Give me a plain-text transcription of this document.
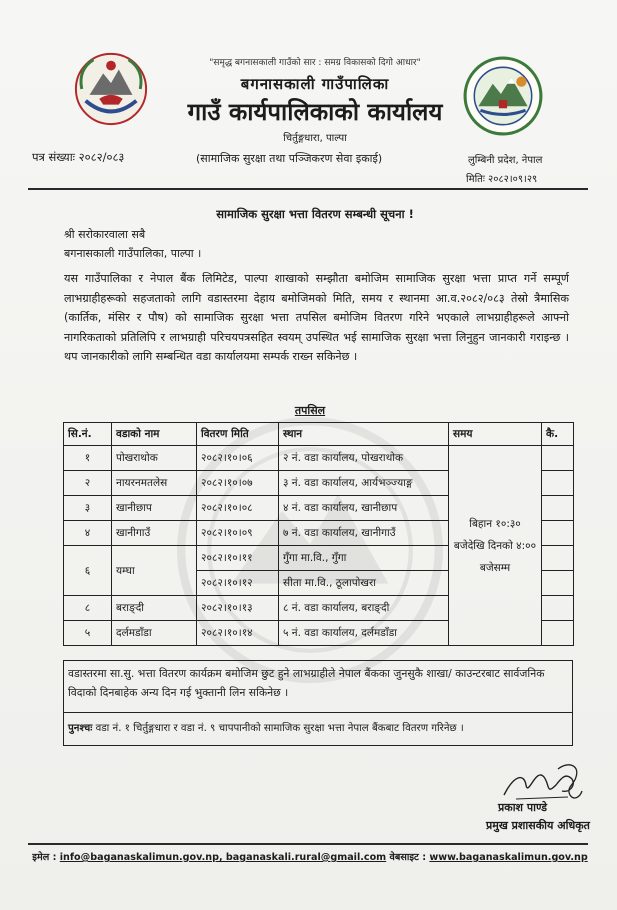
"समृद्ध बगनासकाली गाउँको सार : समग्र विकासको दिगो आधार"
बगनासकाली गाउँपालिका
गाउँ कार्यपालिकाको कार्यालय
चिर्तुङ्गधारा, पाल्पा
पत्र संख्याः २०८२/०८३	(सामाजिक सुरक्षा तथा पञ्जिकरण सेवा इकाई)	लुम्बिनी प्रदेश, नेपाल
मितिः २०८२।०९।२९
सामाजिक सुरक्षा भत्ता वितरण सम्बन्धी सूचना !
श्री सरोकारवाला सबै
बगनासकाली गाउँपालिका, पाल्पा ।

यस गाउँपालिका र नेपाल बैंक लिमिटेड, पाल्पा शाखाको सम्झौता बमोजिम सामाजिक सुरक्षा भत्ता प्राप्त गर्ने सम्पूर्ण लाभग्राहीहरूको सहजताको लागि वडास्तरमा देहाय बमोजिमको मिति, समय र स्थानमा आ.व.२०८२/०८३ तेस्रो त्रैमासिक (कार्तिक, मंसिर र पौष) को सामाजिक सुरक्षा भत्ता तपसिल बमोजिम वितरण गरिने भएकाले लाभग्राहीहरूले आफ्नो नागरिकताको प्रतिलिपि र लाभग्राही परिचयपत्रसहित स्वयम् उपस्थित भई सामाजिक सुरक्षा भत्ता लिनुहुन जानकारी गराइन्छ । थप जानकारीको लागि सम्बन्धित वडा कार्यालयमा सम्पर्क राख्न सकिनेछ ।

तपसिल
सि.नं.	वडाको नाम	वितरण मिति	स्थान	समय	कै.
१	पोखराथोक	२०८२।१०।०६	२ नं. वडा कार्यालय, पोखराथोक	बिहान १०:३० बजेदेखि दिनको ४:०० बजेसम्म	
२	नायरनमतलेस	२०८२।१०।०७	३ नं. वडा कार्यालय, आर्यभञ्ज्याङ्ग		
३	खानीछाप	२०८२।१०।०८	४ नं. वडा कार्यालय, खानीछाप		
४	खानीगाउँ	२०८२।१०।०९	७ नं. वडा कार्यालय, खानीगाउँ		
६	यम्घा	२०८२।१०।११	गुँगा मा.वि., गुँगा		
		२०८२।१०।१२	सीता मा.वि., ठूलापोखरा		
८	बराङ्दी	२०८२।१०।१३	८ नं. वडा कार्यालय, बराङ्दी		
५	दर्लमडाँडा	२०८२।१०।१४	५ नं. वडा कार्यालय, दर्लमडाँडा		

वडास्तरमा सा.सु. भत्ता वितरण कार्यक्रम बमोजिम छुट हुने लाभग्राहीले नेपाल बैंकका जुनसुकै शाखा/ काउन्टरबाट सार्वजनिक विदाको दिनबाहेक अन्य दिन गई भुक्तानी लिन सकिनेछ ।

पुनश्चः वडा नं. १ चिर्तुङ्गधारा र वडा नं. ९ चापपानीको सामाजिक सुरक्षा भत्ता नेपाल बैंकबाट वितरण गरिनेछ ।
प्रकाश पाण्डे
प्रमुख प्रशासकीय अधिकृत
इमेल : info@baganaskalimun.gov.np, baganaskali.rural@gmail.com वेबसाइट : www.baganaskalimun.gov.np
